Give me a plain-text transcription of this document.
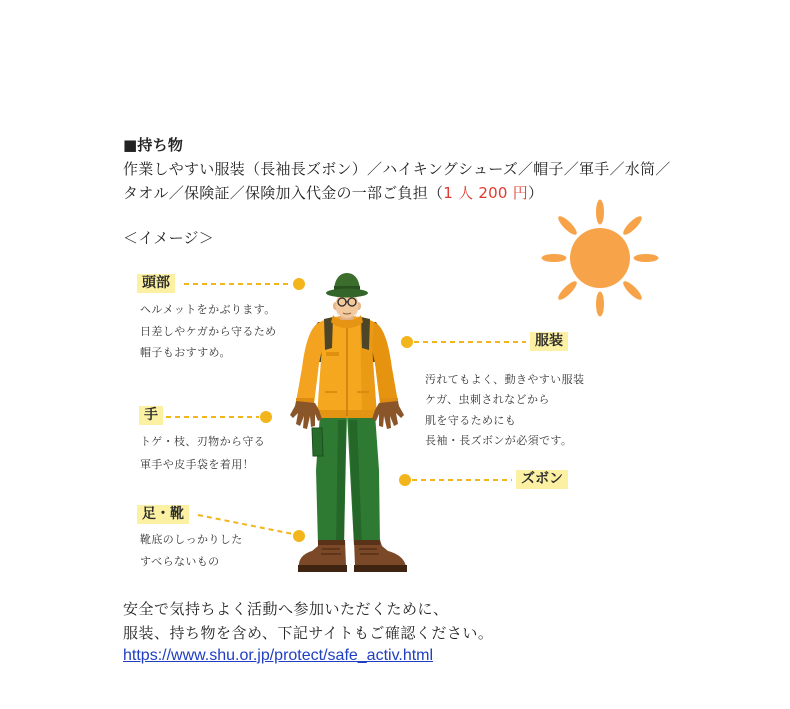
■持ち物
作業しやすい服装（長袖長ズボン）／ハイキングシューズ／帽子／軍手／水筒／
タオル／保険証／保険加入代金の一部ご負担（1 人 200 円）
＜イメージ＞
頭部
ヘルメットをかぶります。
日差しやケガから守るため
帽子もおすすめ。
手
トゲ・枝、刃物から守る
軍手や皮手袋を着用！
足・靴
靴底のしっかりした
すべらないもの
服装
汚れてもよく、動きやすい服装
ケガ、虫刺されなどから
肌を守るためにも
長袖・長ズボンが必須です。
ズボン
安全で気持ちよく活動へ参加いただくために、
服装、持ち物を含め、下記サイトもご確認ください。
https://www.shu.or.jp/protect/safe_activ.html
